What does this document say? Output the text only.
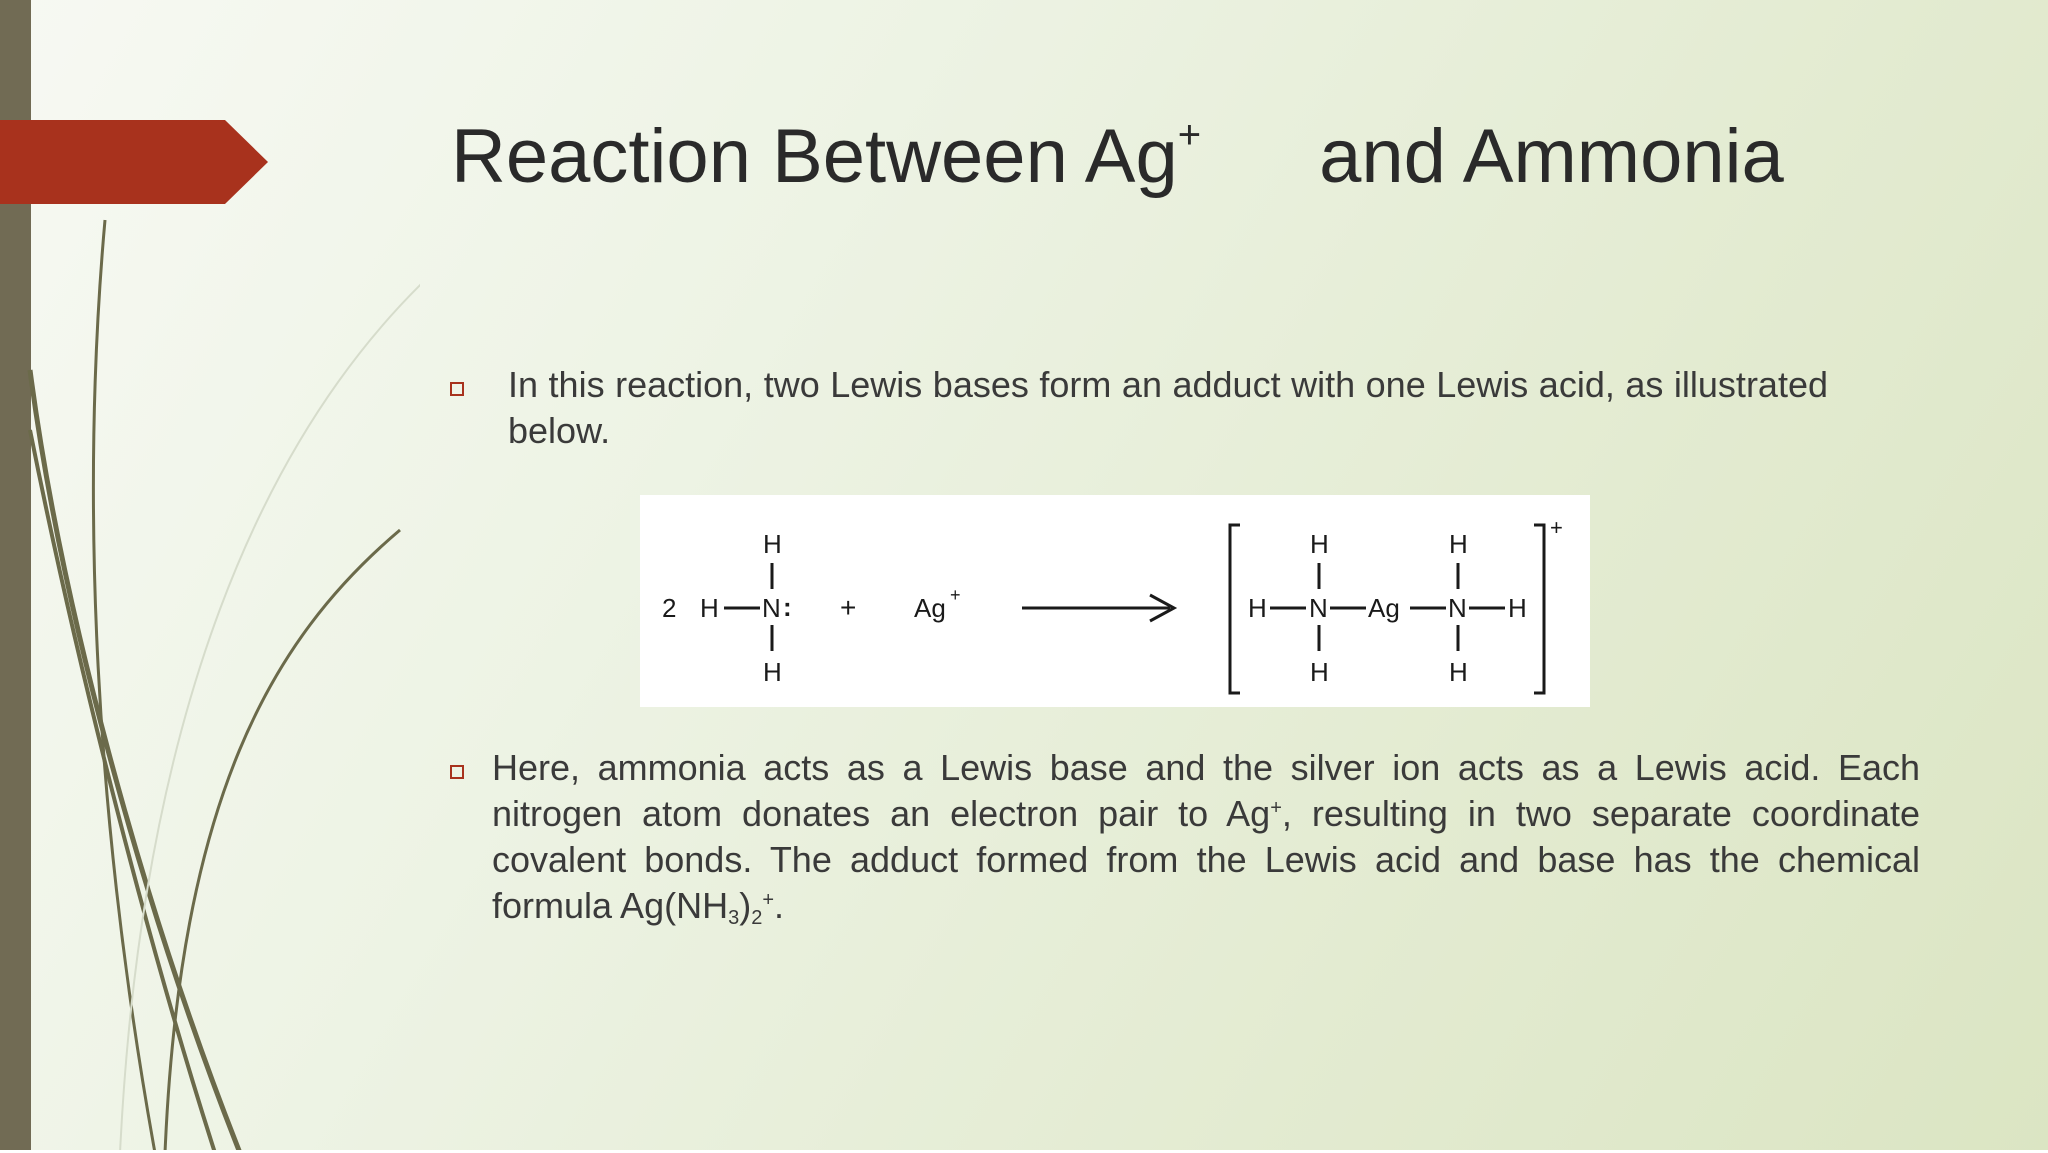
Reaction Between Ag+ and Ammonia

In this reaction, two Lewis bases form an adduct with one Lewis acid, as illustrated below.

2 H N :
H
H
+ Ag +
+
H N Ag N H
H
H
H
H

Here, ammonia acts as a Lewis base and the silver ion acts as a Lewis acid. Each nitrogen atom donates an electron pair to Ag+, resulting in two separate coordinate covalent bonds. The adduct formed from the Lewis acid and base has the chemical formula $Ag(NH_3)_2^+$.
